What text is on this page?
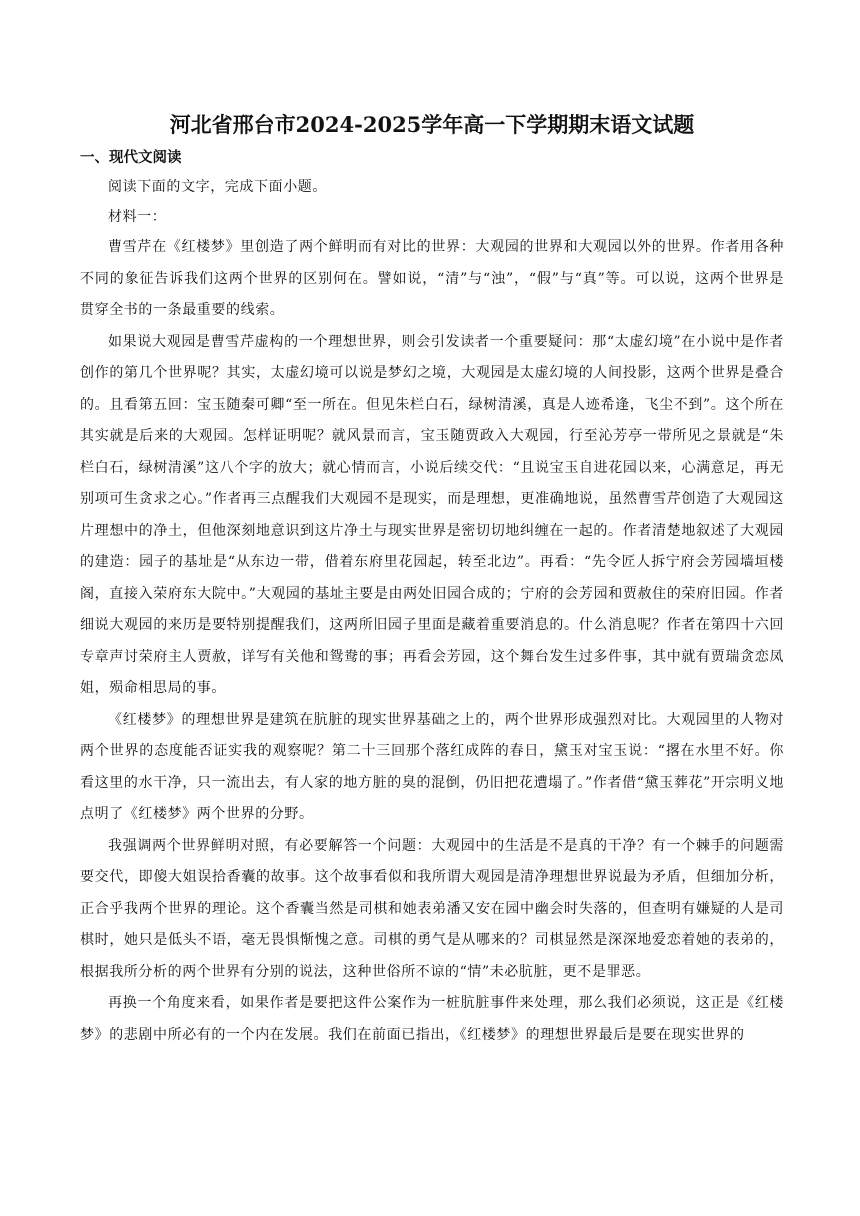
河北省邢台市2024-2025学年高一下学期期末语文试题
一、现代文阅读

阅读下面的文字，完成下面小题。

材料一：

曹雪芹在《红楼梦》里创造了两个鲜明而有对比的世界：大观园的世界和大观园以外的世界。作者用各种不同的象征告诉我们这两个世界的区别何在。譬如说，“清”与“浊”，“假”与“真”等。可以说，这两个世界是贯穿全书的一条最重要的线索。

如果说大观园是曹雪芹虚构的一个理想世界，则会引发读者一个重要疑问：那“太虚幻境”在小说中是作者创作的第几个世界呢？其实，太虚幻境可以说是梦幻之境，大观园是太虚幻境的人间投影，这两个世界是叠合的。且看第五回：宝玉随秦可卿“至一所在。但见朱栏白石，绿树清溪，真是人迹希逢，飞尘不到”。这个所在其实就是后来的大观园。怎样证明呢？就风景而言，宝玉随贾政入大观园，行至沁芳亭一带所见之景就是“朱栏白石，绿树清溪”这八个字的放大；就心情而言，小说后续交代：“且说宝玉自进花园以来，心满意足，再无别项可生贪求之心。”作者再三点醒我们大观园不是现实，而是理想，更准确地说，虽然曹雪芹创造了大观园这片理想中的净土，但他深刻地意识到这片净土与现实世界是密切切地纠缠在一起的。作者清楚地叙述了大观园的建造：园子的基址是“从东边一带，借着东府里花园起，转至北边”。再看：“先令匠人拆宁府会芳园墙垣楼阁，直接入荣府东大院中。”大观园的基址主要是由两处旧园合成的；宁府的会芳园和贾赦住的荣府旧园。作者细说大观园的来历是要特别提醒我们，这两所旧园子里面是藏着重要消息的。什么消息呢？作者在第四十六回专章声讨荣府主人贾赦，详写有关他和鸳鸯的事；再看会芳园，这个舞台发生过多件事，其中就有贾瑞贪恋凤姐，殒命相思局的事。

《红楼梦》的理想世界是建筑在肮脏的现实世界基础之上的，两个世界形成强烈对比。大观园里的人物对两个世界的态度能否证实我的观察呢？第二十三回那个落红成阵的春日，黛玉对宝玉说：“撂在水里不好。你看这里的水干净，只一流出去，有人家的地方脏的臭的混倒，仍旧把花遭塌了。”作者借“黛玉葬花”开宗明义地点明了《红楼梦》两个世界的分野。

我强调两个世界鲜明对照，有必要解答一个问题：大观园中的生活是不是真的干净？有一个棘手的问题需要交代，即傻大姐误拾香囊的故事。这个故事看似和我所谓大观园是清净理想世界说最为矛盾，但细加分析，正合乎我两个世界的理论。这个香囊当然是司棋和她表弟潘又安在园中幽会时失落的，但查明有嫌疑的人是司棋时，她只是低头不语，毫无畏惧惭愧之意。司棋的勇气是从哪来的？司棋显然是深深地爱恋着她的表弟的，根据我所分析的两个世界有分别的说法，这种世俗所不谅的“情”未必肮脏，更不是罪恶。

再换一个角度来看，如果作者是要把这件公案作为一桩肮脏事件来处理，那么我们必须说，这正是《红楼梦》的悲剧中所必有的一个内在发展。我们在前面已指出，《红楼梦》的理想世界最后是要在现实世界的
